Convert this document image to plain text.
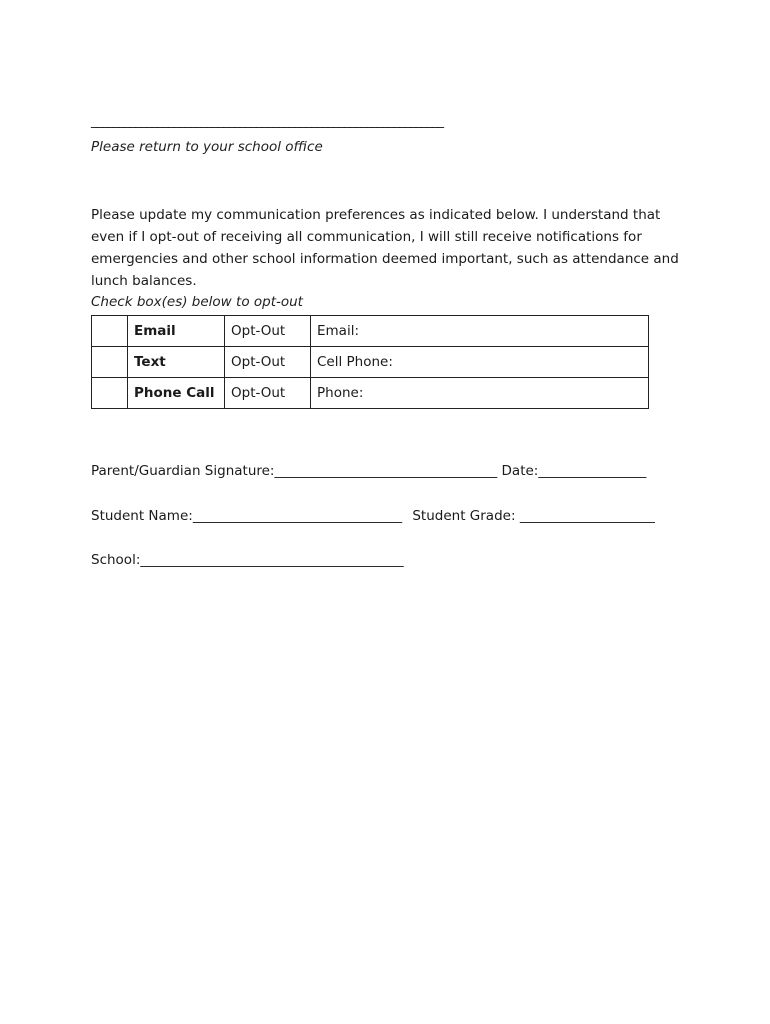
________________________________________________________________
Please return to your school office
Please update my communication preferences as indicated below. I understand that even if I opt-out of receiving all communication, I will still receive notifications for emergencies and other school information deemed important, such as attendance and lunch balances.
Check box(es) below to opt-out
	Email	Opt-Out	Email:
	Text	Opt-Out	Cell Phone:
	Phone Call	Opt-Out	Phone:
Parent/Guardian Signature:_________________________________ Date:________________
Student Name:_______________________________ Student Grade: ____________________
School:_______________________________________
